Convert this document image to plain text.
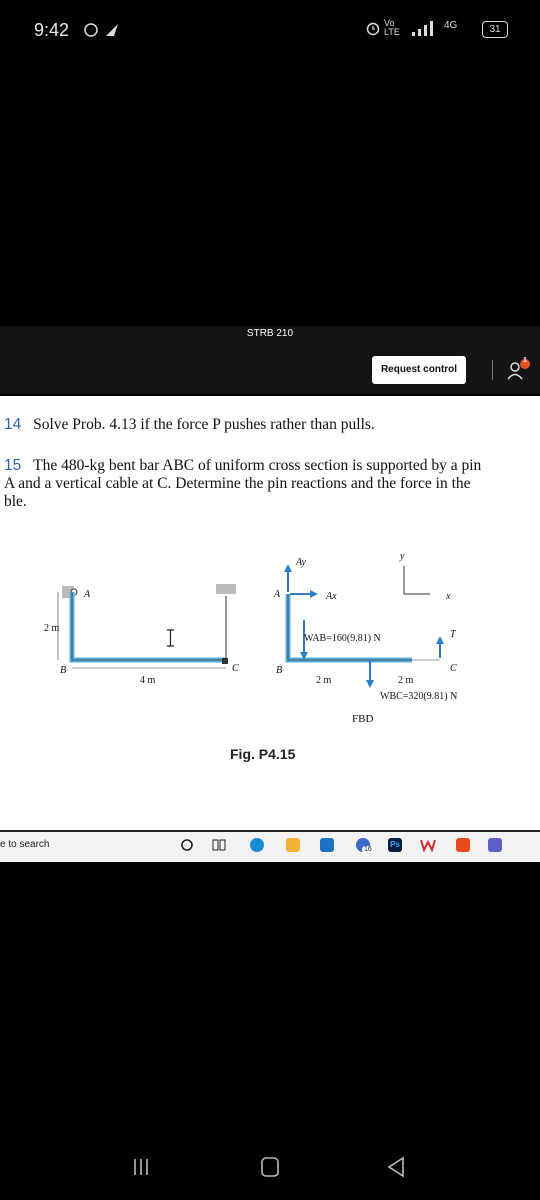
9:42	Vo LTE
4G	31
STRB 210
Request control
1
14 Solve Prob. 4.13 if the force P pushes rather than pulls.
15 The 480-kg bent bar ABC of uniform cross section is supported by a pin
A and a vertical cable at C. Determine the pin reactions and the force in the
ble.
A
2 m
B
4 m
C
Ay
Ax
A
B	C
T
WAB=160(9.81) N
2 m	2 m
WBC=320(9.81) N
y
x
FBD
Fig. P4.15
e to search	16
Ps
